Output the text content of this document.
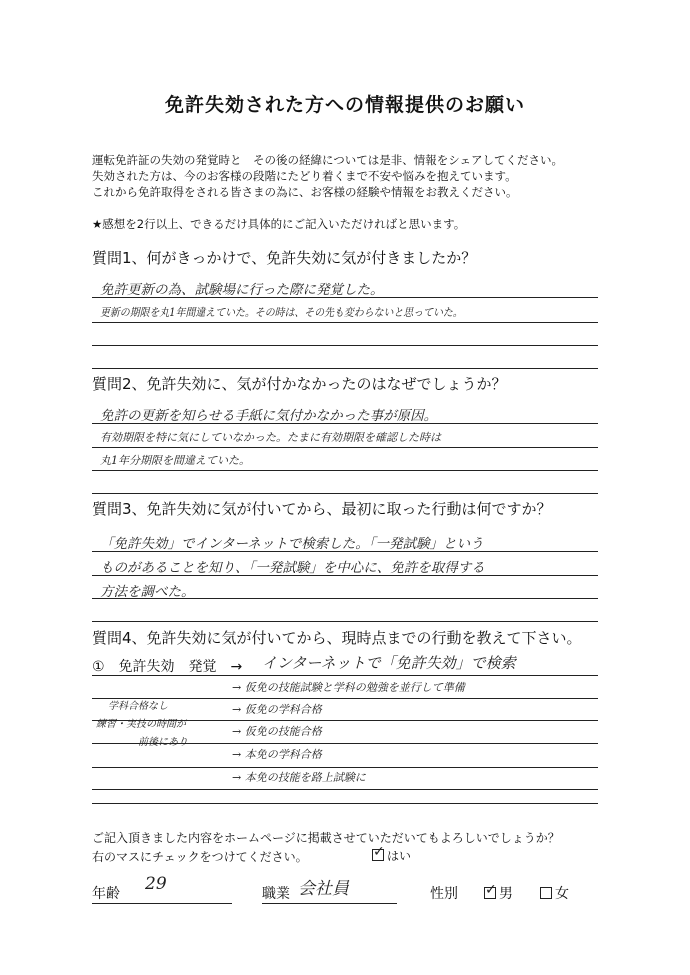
免許失効された方への情報提供のお願い
運転免許証の失効の発覚時と　その後の経緯については是非、情報をシェアしてください。
失効された方は、今のお客様の段階にたどり着くまで不安や悩みを抱えています。
これから免許取得をされる皆さまの為に、お客様の経験や情報をお教えください。
★感想を2行以上、できるだけ具体的にご記入いただければと思います。
質問1、何がきっかけで、免許失効に気が付きましたか？
免許更新の為、試験場に行った際に発覚した。
更新の期限を丸1年間違えていた。その時は、その先も変わらないと思っていた。
質問2、免許失効に、気が付かなかったのはなぜでしょうか？
免許の更新を知らせる手紙に気付かなかった事が原因。
有効期限を特に気にしていなかった。たまに有効期限を確認した時は
丸1年分期限を間違えていた。
質問3、免許失効に気が付いてから、最初に取った行動は何ですか？
「免許失効」でインターネットで検索した。「一発試験」という
ものがあることを知り、「一発試験」を中心に、免許を取得する
方法を調べた。
質問4、免許失効に気が付いてから、現時点までの行動を教えて下さい。
①　免許失効　発覚　→ インターネットで「免許失効」で検索
→ 仮免の技能試験と学科の勉強を並行して準備
→ 仮免の学科合格
→ 仮免の技能合格
→ 本免の学科合格
→ 本免の技能を路上試験に
学科合格なし
練習・実技の時間が
前後にあり
ご記入頂きました内容をホームページに掲載させていただいてもよろしいでしょうか？
右のマスにチェックをつけてください。 ✓	はい
年齢 29	職業 会社員	性別 ✓	男	女
